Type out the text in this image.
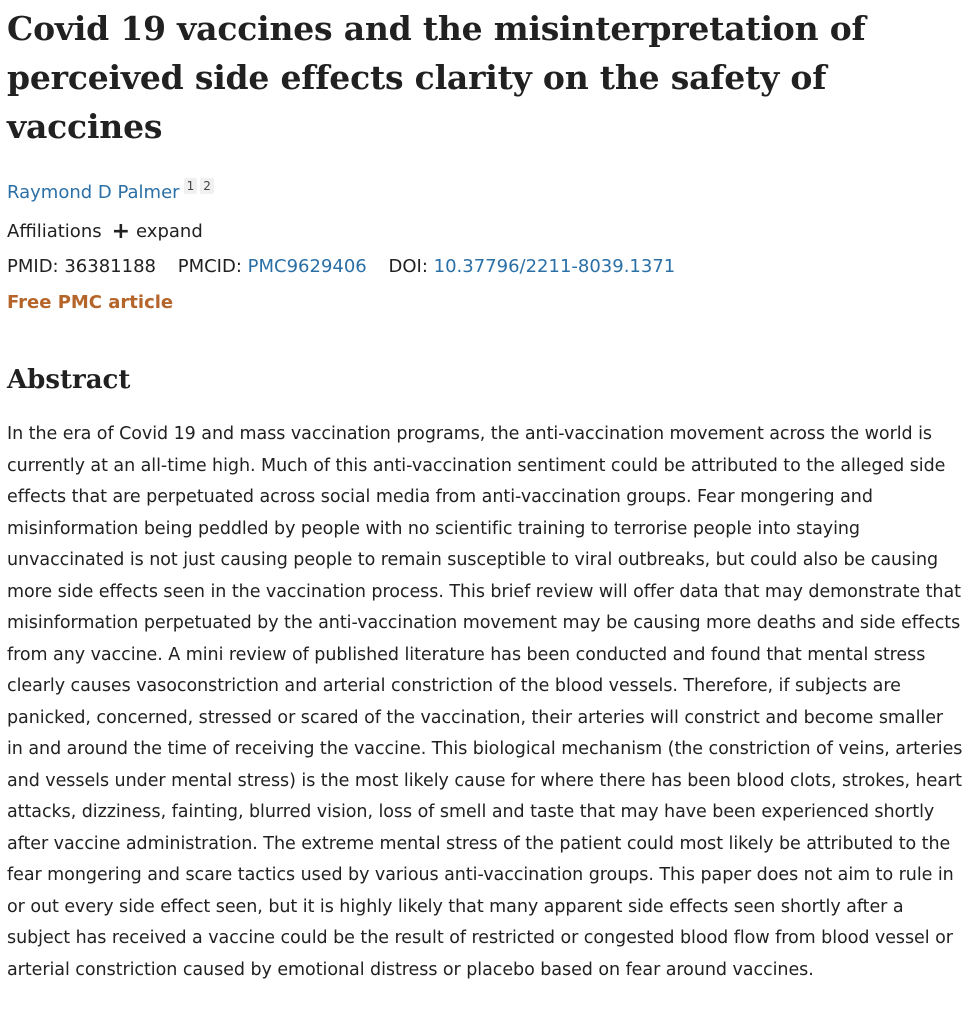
Covid 19 vaccines and the misinterpretation of perceived side effects clarity on the safety of vaccines
Raymond D Palmer 1 2
Affiliations + expand
PMID: 36381188 PMCID: PMC9629406 DOI: 10.37796/2211-8039.1371
Free PMC article
Abstract
In the era of Covid 19 and mass vaccination programs, the anti-vaccination movement across the world is currently at an all-time high. Much of this anti-vaccination sentiment could be attributed to the alleged side effects that are perpetuated across social media from anti-vaccination groups. Fear mongering and misinformation being peddled by people with no scientific training to terrorise people into staying unvaccinated is not just causing people to remain susceptible to viral outbreaks, but could also be causing more side effects seen in the vaccination process. This brief review will offer data that may demonstrate that misinformation perpetuated by the anti-vaccination movement may be causing more deaths and side effects from any vaccine. A mini review of published literature has been conducted and found that mental stress clearly causes vasoconstriction and arterial constriction of the blood vessels. Therefore, if subjects are panicked, concerned, stressed or scared of the vaccination, their arteries will constrict and become smaller in and around the time of receiving the vaccine. This biological mechanism (the constriction of veins, arteries and vessels under mental stress) is the most likely cause for where there has been blood clots, strokes, heart attacks, dizziness, fainting, blurred vision, loss of smell and taste that may have been experienced shortly after vaccine administration. The extreme mental stress of the patient could most likely be attributed to the fear mongering and scare tactics used by various anti-vaccination groups. This paper does not aim to rule in or out every side effect seen, but it is highly likely that many apparent side effects seen shortly after a subject has received a vaccine could be the result of restricted or congested blood flow from blood vessel or arterial constriction caused by emotional distress or placebo based on fear around vaccines.
